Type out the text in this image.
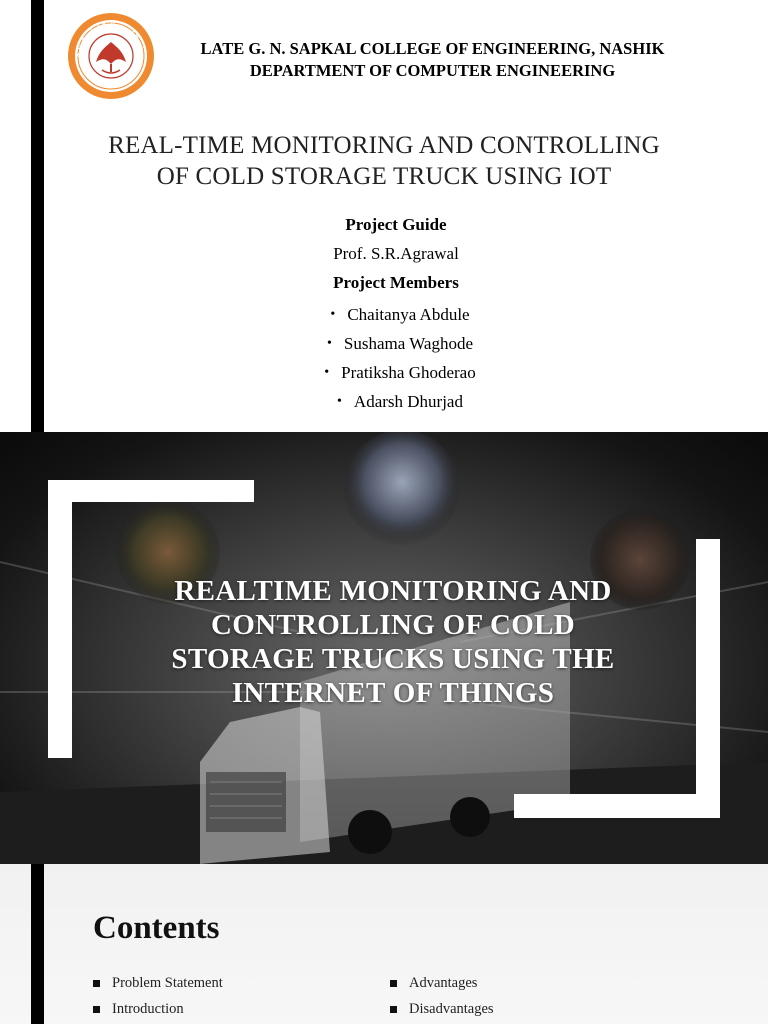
G.N. Sapkal College of Engine	LATE G. N. SAPKAL COLLEGE OF ENGINEERING, NASHIK
DEPARTMENT OF COMPUTER ENGINEERING
REAL-TIME MONITORING AND CONTROLLING
OF COLD STORAGE TRUCK USING IOT
Project Guide
Prof. S.R.Agrawal
Project Members
• Chaitanya Abdule
• Sushama Waghode
• Pratiksha Ghoderao
• Adarsh Dhurjad
REALTIME MONITORING AND
CONTROLLING OF COLD
STORAGE TRUCKS USING THE
INTERNET OF THINGS
Contents
Problem Statement
Introduction
Advantages
Disadvantages
